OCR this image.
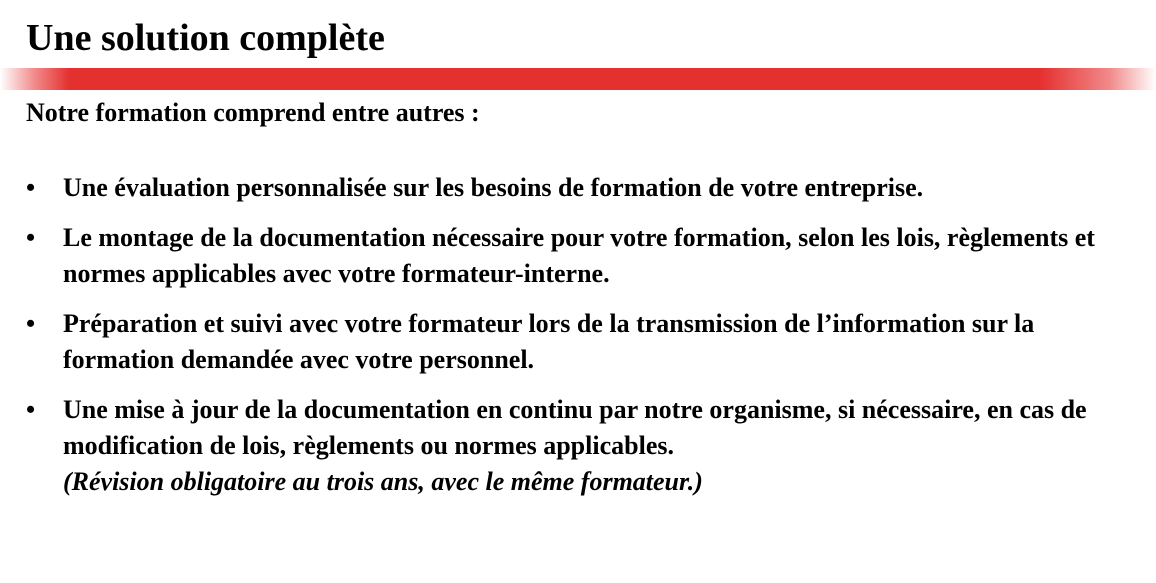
Une solution complète

Notre formation comprend entre autres :

• Une évaluation personnalisée sur les besoins de formation de votre entreprise.
• Le montage de la documentation nécessaire pour votre formation, selon les lois, règlements et normes applicables avec votre formateur-interne.
• Préparation et suivi avec votre formateur lors de la transmission de l’information sur la formation demandée avec votre personnel.
• Une mise à jour de la documentation en continu par notre organisme, si nécessaire, en cas de modification de lois, règlements ou normes applicables.
(Révision obligatoire au trois ans, avec le même formateur.)
